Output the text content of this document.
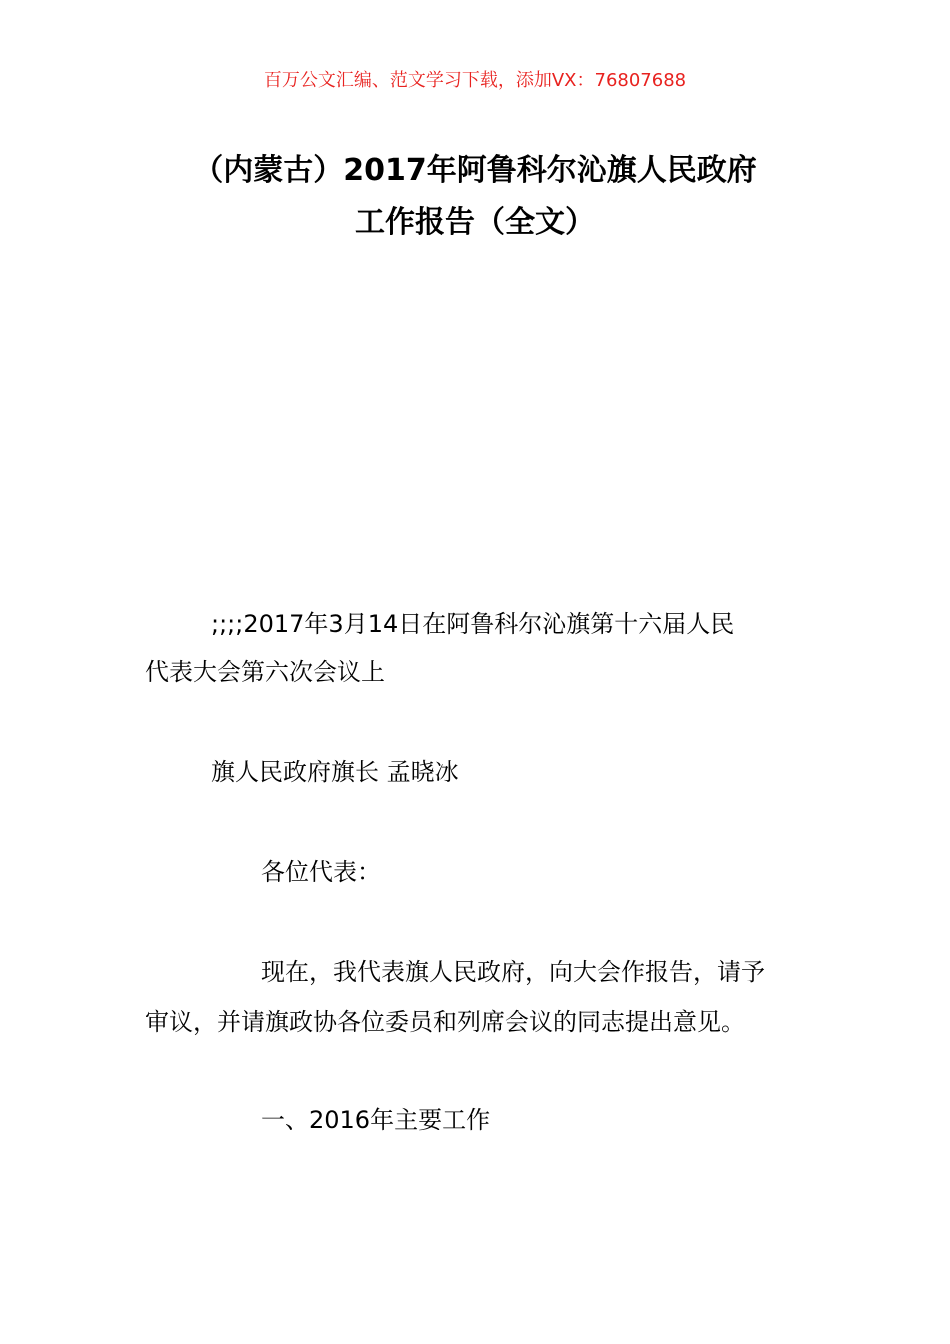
百万公文汇编、范文学习下载，添加VX：76807688
（内蒙古）2017年阿鲁科尔沁旗人民政府
工作报告（全文）
;;;;2017年3月14日在阿鲁科尔沁旗第十六届人民
代表大会第六次会议上
旗人民政府旗长 孟晓冰
各位代表：
现在，我代表旗人民政府，向大会作报告，请予
审议，并请旗政协各位委员和列席会议的同志提出意见。
一、2016年主要工作
